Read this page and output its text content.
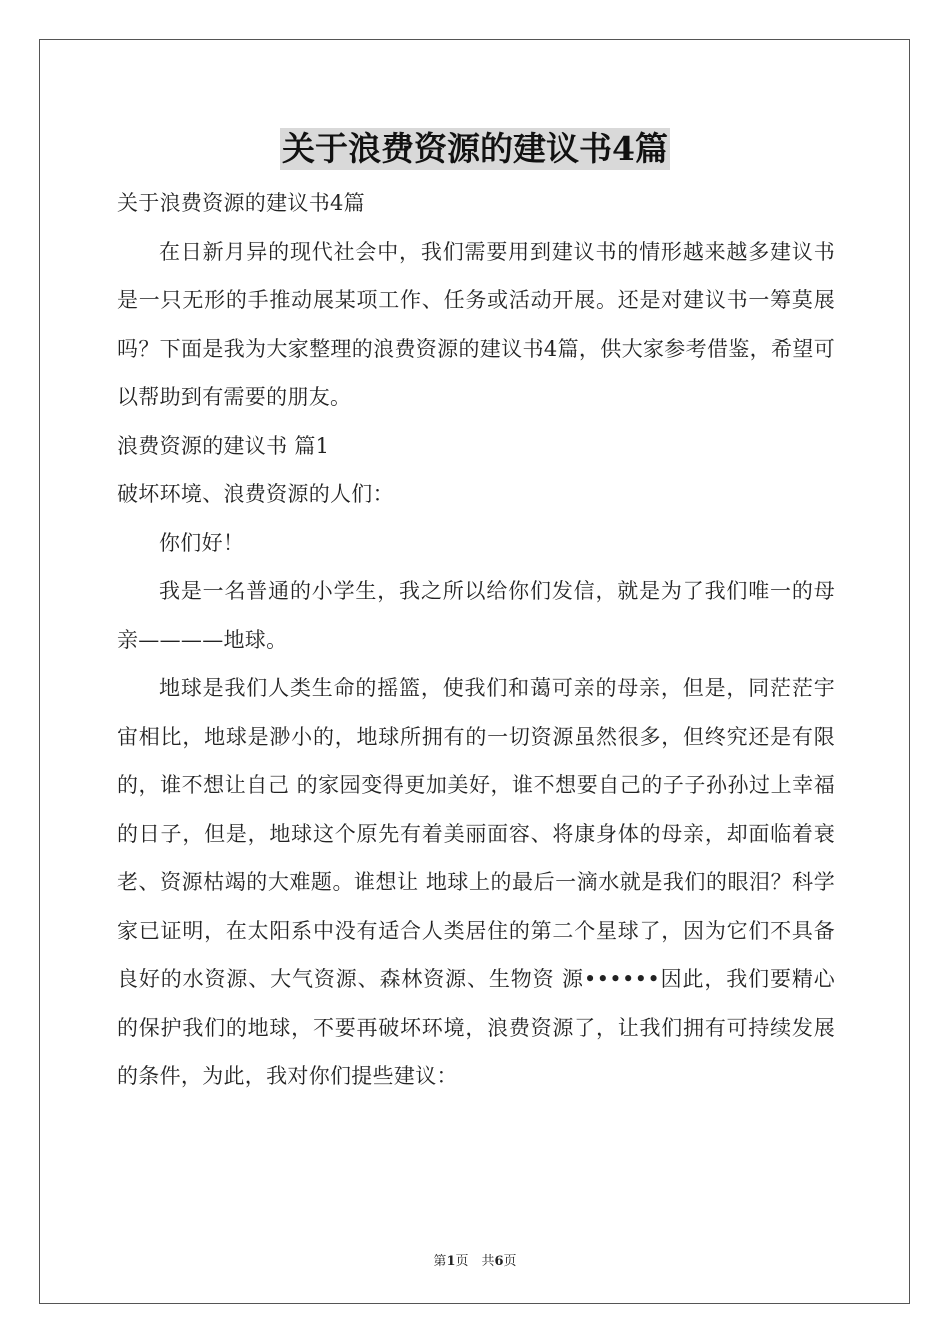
关于浪费资源的建议书4篇

关于浪费资源的建议书4篇

在日新月异的现代社会中，我们需要用到建议书的情形越来越多建议书是一只无形的手推动展某项工作、任务或活动开展。还是对建议书一筹莫展吗？下面是我为大家整理的浪费资源的建议书4篇，供大家参考借鉴，希望可以帮助到有需要的朋友。

浪费资源的建议书 篇1

破坏环境、浪费资源的人们：

你们好！

我是一名普通的小学生，我之所以给你们发信，就是为了我们唯一的母亲————地球。

地球是我们人类生命的摇篮，使我们和蔼可亲的母亲，但是，同茫茫宇宙相比，地球是渺小的，地球所拥有的一切资源虽然很多，但终究还是有限的，谁不想让自己 的家园变得更加美好，谁不想要自己的子子孙孙过上幸福的日子，但是，地球这个原先有着美丽面容、将康身体的母亲，却面临着衰老、资源枯竭的大难题。谁想让 地球上的最后一滴水就是我们的眼泪？科学家已证明，在太阳系中没有适合人类居住的第二个星球了，因为它们不具备良好的水资源、大气资源、森林资源、生物资 源••••••因此，我们要精心的保护我们的地球，不要再破坏环境，浪费资源了，让我们拥有可持续发展的条件，为此，我对你们提些建议：

第1页　共6页
